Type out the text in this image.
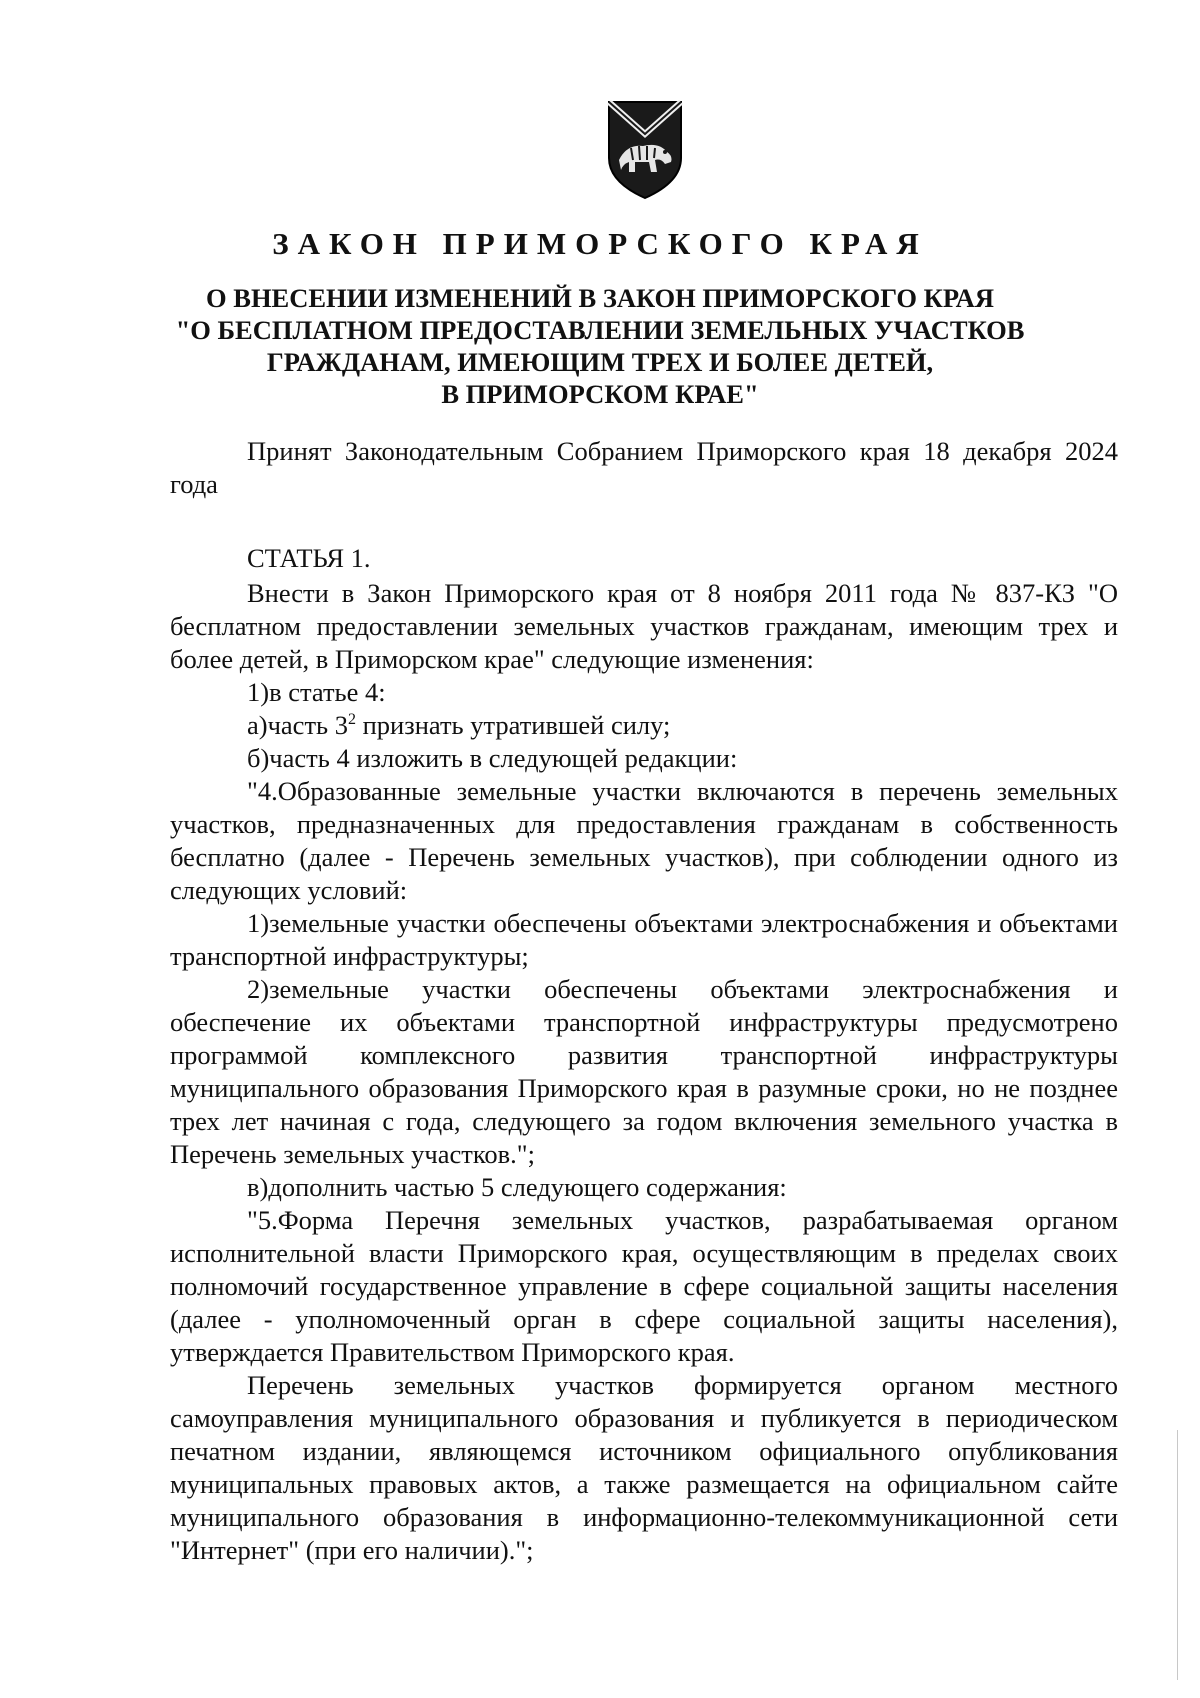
ЗАКОН ПРИМОРСКОГО КРАЯ
О ВНЕСЕНИИ ИЗМЕНЕНИЙ В ЗАКОН ПРИМОРСКОГО КРАЯ
"О БЕСПЛАТНОМ ПРЕДОСТАВЛЕНИИ ЗЕМЕЛЬНЫХ УЧАСТКОВ
ГРАЖДАНАМ, ИМЕЮЩИМ ТРЕХ И БОЛЕЕ ДЕТЕЙ,
В ПРИМОРСКОМ КРАЕ"

Принят Законодательным Собранием Приморского края 18 декабря 2024 года

СТАТЬЯ 1.

Внести в Закон Приморского края от 8 ноября 2011 года № 837-КЗ "О бесплатном предоставлении земельных участков гражданам, имеющим трех и более детей, в Приморском крае" следующие изменения:

1)в статье 4:

а)часть $3^2$ признать утратившей силу;

б)часть 4 изложить в следующей редакции:

"4.Образованные земельные участки включаются в перечень земельных участков, предназначенных для предоставления гражданам в собственность бесплатно (далее - Перечень земельных участков), при соблюдении одного из следующих условий:

1)земельные участки обеспечены объектами электроснабжения и объектами транспортной инфраструктуры;

2)земельные участки обеспечены объектами электроснабжения и обеспечение их объектами транспортной инфраструктуры предусмотрено программой комплексного развития транспортной инфраструктуры муниципального образования Приморского края в разумные сроки, но не позднее трех лет начиная с года, следующего за годом включения земельного участка в Перечень земельных участков.";

в)дополнить частью 5 следующего содержания:

"5.Форма Перечня земельных участков, разрабатываемая органом исполнительной власти Приморского края, осуществляющим в пределах своих полномочий государственное управление в сфере социальной защиты населения (далее - уполномоченный орган в сфере социальной защиты населения), утверждается Правительством Приморского края.

Перечень земельных участков формируется органом местного самоуправления муниципального образования и публикуется в периодическом печатном издании, являющемся источником официального опубликования муниципальных правовых актов, а также размещается на официальном сайте муниципального образования в информационно-телекоммуникационной сети "Интернет" (при его наличии).";
